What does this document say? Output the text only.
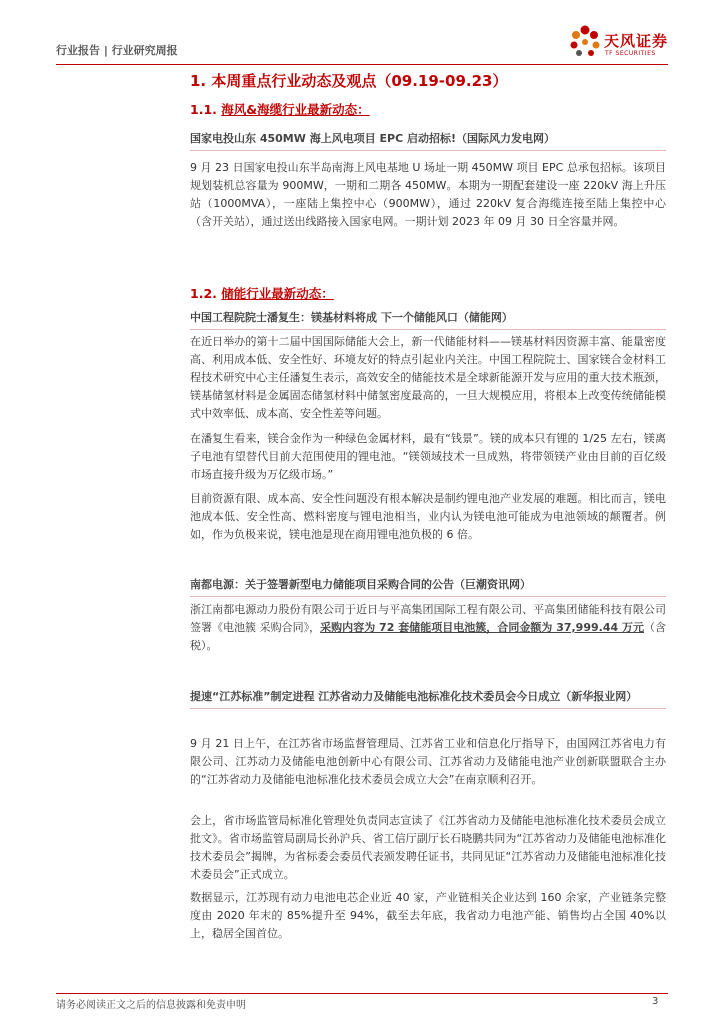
行业报告 | 行业研究周报
天风证券
TF SECURITIES
1. 本周重点行业动态及观点（09.19-09.23）
1.1. 海风&海缆行业最新动态：
国家电投山东 450MW 海上风电项目 EPC 启动招标!（国际风力发电网）
9 月 23 日国家电投山东半岛南海上风电基地 U 场址一期 450MW 项目 EPC 总承包招标。该项目规划装机总容量为 900MW，一期和二期各 450MW。本期为一期配套建设一座 220kV 海上升压站（1000MVA），一座陆上集控中心（900MW），通过 220kV 复合海缆连接至陆上集控中心（含开关站），通过送出线路接入国家电网。一期计划 2023 年 09 月 30 日全容量并网。
1.2. 储能行业最新动态：
中国工程院院士潘复生：镁基材料将成 下一个储能风口（储能网）
在近日举办的第十二届中国国际储能大会上，新一代储能材料——镁基材料因资源丰富、能量密度高、利用成本低、安全性好、环境友好的特点引起业内关注。中国工程院院士、国家镁合金材料工程技术研究中心主任潘复生表示，高效安全的储能技术是全球新能源开发与应用的重大技术瓶颈，镁基储氢材料是金属固态储氢材料中储氢密度最高的，一旦大规模应用，将根本上改变传统储能模式中效率低、成本高、安全性差等问题。
在潘复生看来，镁合金作为一种绿色金属材料，最有“钱景”。镁的成本只有锂的 1/25 左右，镁离子电池有望替代目前大范围使用的锂电池。“镁领域技术一旦成熟，将带领镁产业由目前的百亿级市场直接升级为万亿级市场。”
目前资源有限、成本高、安全性问题没有根本解决是制约锂电池产业发展的难题。相比而言，镁电池成本低、安全性高、燃料密度与锂电池相当，业内认为镁电池可能成为电池领域的颠覆者。例如，作为负极来说，镁电池是现在商用锂电池负极的 6 倍。
南都电源：关于签署新型电力储能项目采购合同的公告（巨潮资讯网）
浙江南都电源动力股份有限公司于近日与平高集团国际工程有限公司、平高集团储能科技有限公司签署《电池簇 采购合同》，采购内容为 72 套储能项目电池簇，合同金额为 37,999.44 万元（含 税）。
提速“江苏标准”制定进程 江苏省动力及储能电池标准化技术委员会今日成立（新华报业网）
9 月 21 日上午，在江苏省市场监督管理局、江苏省工业和信息化厅指导下，由国网江苏省电力有限公司、江苏动力及储能电池创新中心有限公司、江苏省动力及储能电池产业创新联盟联合主办的“江苏省动力及储能电池标准化技术委员会成立大会”在南京顺利召开。
会上，省市场监管局标准化管理处负责同志宣读了《江苏省动力及储能电池标准化技术委员会成立批文》。省市场监管局副局长孙沪兵、省工信厅副厅长石晓鹏共同为“江苏省动力及储能电池标准化技术委员会”揭牌，为省标委会委员代表颁发聘任证书，共同见证“江苏省动力及储能电池标准化技术委员会”正式成立。
数据显示，江苏现有动力电池电芯企业近 40 家，产业链相关企业达到 160 余家，产业链条完整度由 2020 年末的 85%提升至 94%，截至去年底，我省动力电池产能、销售均占全国 40%以上，稳居全国首位。
请务必阅读正文之后的信息披露和免责申明	3
